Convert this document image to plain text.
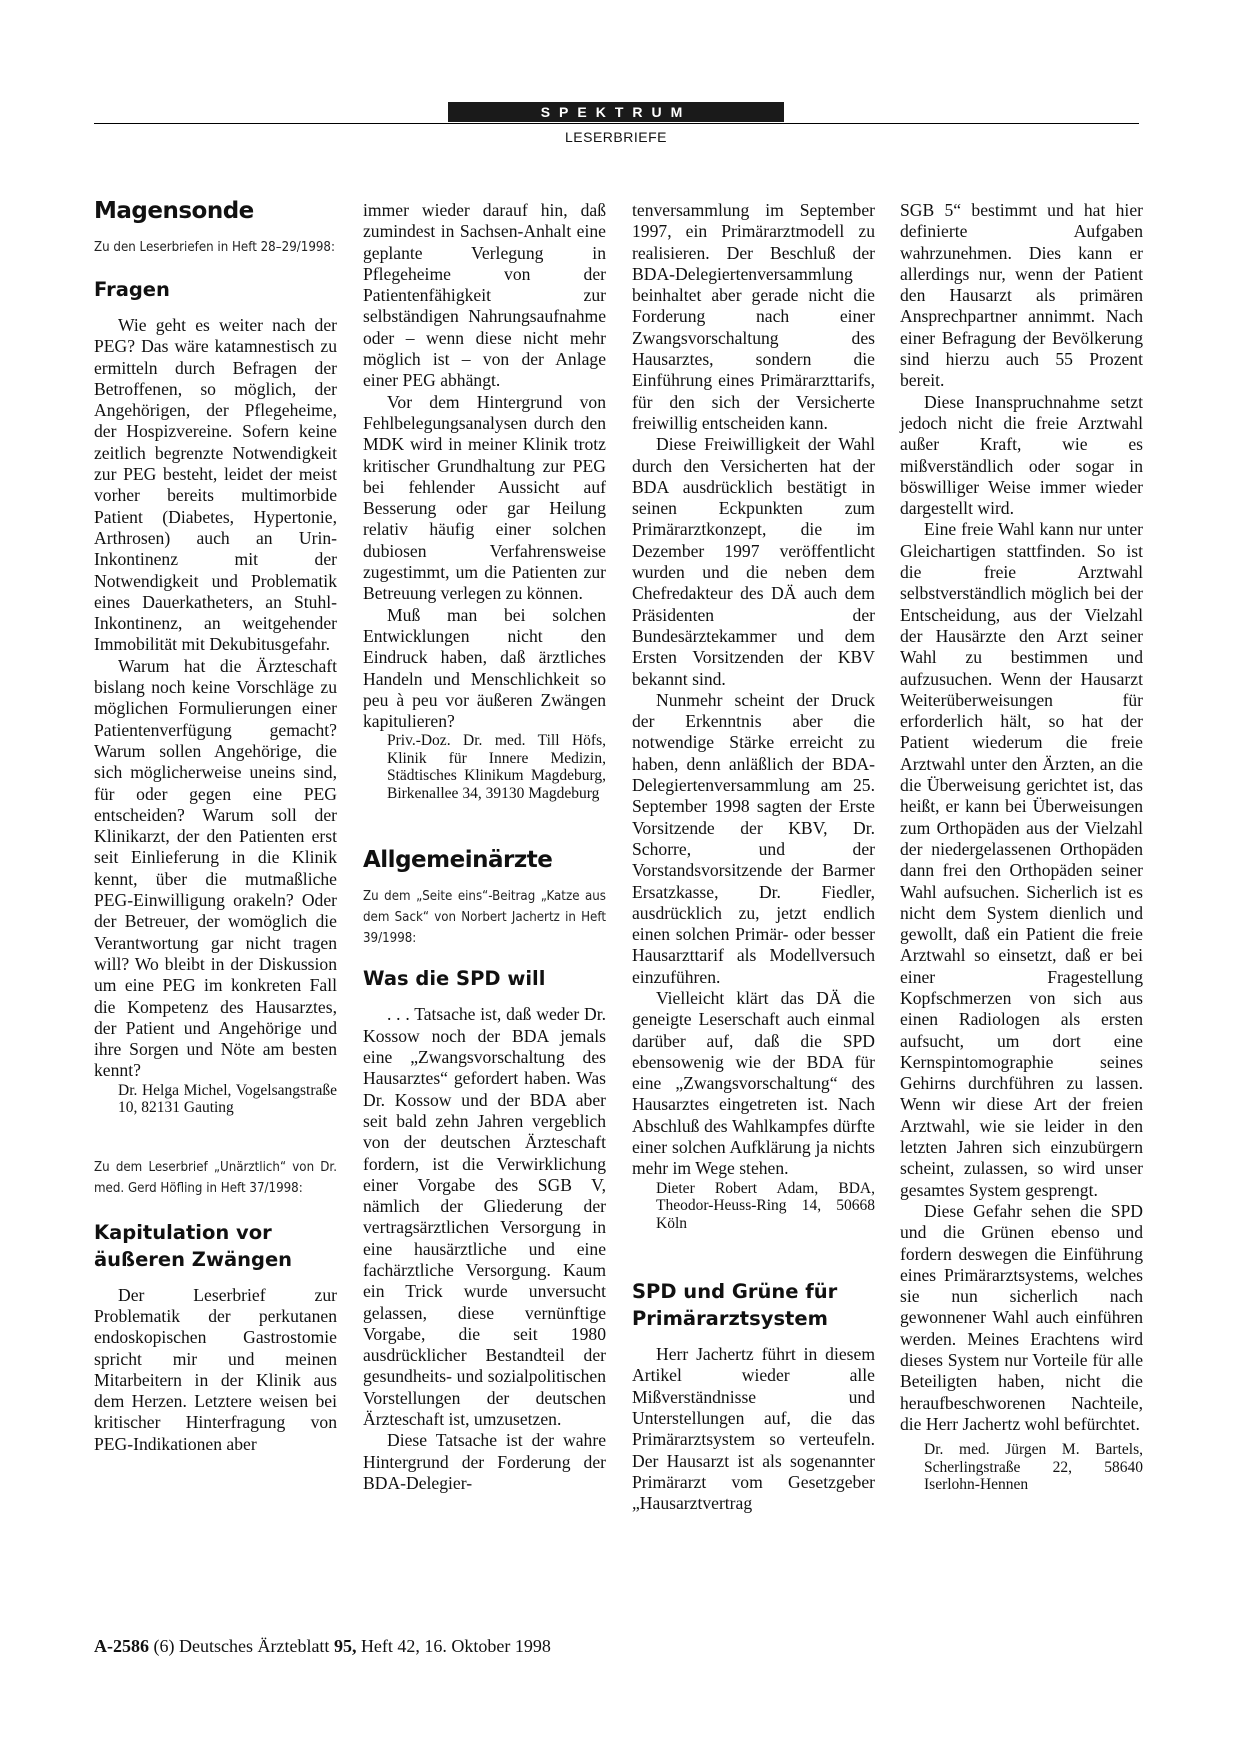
SPEKTRUM
LESERBRIEFE
Magensonde
Zu den Leserbriefen in Heft 28–29/1998:
Fragen

Wie geht es weiter nach der PEG? Das wäre katamnestisch zu ermitteln durch Befragen der Betroffenen, so möglich, der Angehörigen, der Pflegeheime, der Hospizvereine. Sofern keine zeitlich begrenzte Notwendigkeit zur PEG besteht, leidet der meist vorher bereits multimorbide Patient (Diabetes, Hypertonie, Arthrosen) auch an Urin-Inkontinenz mit der Notwendigkeit und Problematik eines Dauerkatheters, an Stuhl-Inkontinenz, an weitgehender Immobilität mit Dekubitusgefahr.

Warum hat die Ärzteschaft bislang noch keine Vorschläge zu möglichen Formulierungen einer Patientenverfügung gemacht? Warum sollen Angehörige, die sich möglicherweise uneins sind, für oder gegen eine PEG entscheiden? Warum soll der Klinikarzt, der den Patienten erst seit Einlieferung in die Klinik kennt, über die mutmaßliche PEG-Einwilligung orakeln? Oder der Betreuer, der womöglich die Verantwortung gar nicht tragen will? Wo bleibt in der Diskussion um eine PEG im konkreten Fall die Kompetenz des Hausarztes, der Patient und Angehörige und ihre Sorgen und Nöte am besten kennt?

Dr. Helga Michel, Vogelsangstraße 10, 82131 Gauting

Zu dem Leserbrief „Unärztlich“ von Dr. med. Gerd Höfling in Heft 37/1998:
Kapitulation vor äußeren Zwängen

Der Leserbrief zur Problematik der perkutanen endoskopischen Gastrostomie spricht mir und meinen Mitarbeitern in der Klinik aus dem Herzen. Letztere weisen bei kritischer Hinterfragung von PEG-Indikationen aber

immer wieder darauf hin, daß zumindest in Sachsen-Anhalt eine geplante Verlegung in Pflegeheime von der Patientenfähigkeit zur selbständigen Nahrungsaufnahme oder – wenn diese nicht mehr möglich ist – von der Anlage einer PEG abhängt.

Vor dem Hintergrund von Fehlbelegungsanalysen durch den MDK wird in meiner Klinik trotz kritischer Grundhaltung zur PEG bei fehlender Aussicht auf Besserung oder gar Heilung relativ häufig einer solchen dubiosen Verfahrensweise zugestimmt, um die Patienten zur Betreuung verlegen zu können.

Muß man bei solchen Entwicklungen nicht den Eindruck haben, daß ärztliches Handeln und Menschlichkeit so peu à peu vor äußeren Zwängen kapitulieren?

Priv.-Doz. Dr. med. Till Höfs, Klinik für Innere Medizin, Städtisches Klinikum Magdeburg, Birkenallee 34, 39130 Magdeburg

Allgemeinärzte
Zu dem „Seite eins“-Beitrag „Katze aus dem Sack“ von Norbert Jachertz in Heft 39/1998:
Was die SPD will

. . . Tatsache ist, daß weder Dr. Kossow noch der BDA jemals eine „Zwangsvorschaltung des Hausarztes“ gefordert haben. Was Dr. Kossow und der BDA aber seit bald zehn Jahren vergeblich von der deutschen Ärzteschaft fordern, ist die Verwirklichung einer Vorgabe des SGB V, nämlich der Gliederung der vertragsärztlichen Versorgung in eine hausärztliche und eine fachärztliche Versorgung. Kaum ein Trick wurde unversucht gelassen, diese vernünftige Vorgabe, die seit 1980 ausdrücklicher Bestandteil der gesundheits- und sozialpolitischen Vorstellungen der deutschen Ärzteschaft ist, umzusetzen.

Diese Tatsache ist der wahre Hintergrund der Forderung der BDA-Delegier-

tenversammlung im September 1997, ein Primärarztmodell zu realisieren. Der Beschluß der BDA-Delegiertenversammlung beinhaltet aber gerade nicht die Forderung nach einer Zwangsvorschaltung des Hausarztes, sondern die Einführung eines Primärarzttarifs, für den sich der Versicherte freiwillig entscheiden kann.

Diese Freiwilligkeit der Wahl durch den Versicherten hat der BDA ausdrücklich bestätigt in seinen Eckpunkten zum Primärarztkonzept, die im Dezember 1997 veröffentlicht wurden und die neben dem Chefredakteur des DÄ auch dem Präsidenten der Bundesärztekammer und dem Ersten Vorsitzenden der KBV bekannt sind.

Nunmehr scheint der Druck der Erkenntnis aber die notwendige Stärke erreicht zu haben, denn anläßlich der BDA-Delegiertenversammlung am 25. September 1998 sagten der Erste Vorsitzende der KBV, Dr. Schorre, und der Vorstandsvorsitzende der Barmer Ersatzkasse, Dr. Fiedler, ausdrücklich zu, jetzt endlich einen solchen Primär- oder besser Hausarzttarif als Modellversuch einzuführen.

Vielleicht klärt das DÄ die geneigte Leserschaft auch einmal darüber auf, daß die SPD ebensowenig wie der BDA für eine „Zwangsvorschaltung“ des Hausarztes eingetreten ist. Nach Abschluß des Wahlkampfes dürfte einer solchen Aufklärung ja nichts mehr im Wege stehen.

Dieter Robert Adam, BDA, Theodor-Heuss-Ring 14, 50668 Köln

SPD und Grüne für Primärarztsystem

Herr Jachertz führt in diesem Artikel wieder alle Mißverständnisse und Unterstellungen auf, die das Primärarztsystem so verteufeln. Der Hausarzt ist als sogenannter Primärarzt vom Gesetzgeber „Hausarztvertrag

SGB 5“ bestimmt und hat hier definierte Aufgaben wahrzunehmen. Dies kann er allerdings nur, wenn der Patient den Hausarzt als primären Ansprechpartner annimmt. Nach einer Befragung der Bevölkerung sind hierzu auch 55 Prozent bereit.

Diese Inanspruchnahme setzt jedoch nicht die freie Arztwahl außer Kraft, wie es mißverständlich oder sogar in böswilliger Weise immer wieder dargestellt wird.

Eine freie Wahl kann nur unter Gleichartigen stattfinden. So ist die freie Arztwahl selbstverständlich möglich bei der Entscheidung, aus der Vielzahl der Hausärzte den Arzt seiner Wahl zu bestimmen und aufzusuchen. Wenn der Hausarzt Weiterüberweisungen für erforderlich hält, so hat der Patient wiederum die freie Arztwahl unter den Ärzten, an die die Überweisung gerichtet ist, das heißt, er kann bei Überweisungen zum Orthopäden aus der Vielzahl der niedergelassenen Orthopäden dann frei den Orthopäden seiner Wahl aufsuchen. Sicherlich ist es nicht dem System dienlich und gewollt, daß ein Patient die freie Arztwahl so einsetzt, daß er bei einer Fragestellung Kopfschmerzen von sich aus einen Radiologen als ersten aufsucht, um dort eine Kernspintomographie seines Gehirns durchführen zu lassen. Wenn wir diese Art der freien Arztwahl, wie sie leider in den letzten Jahren sich einzubürgern scheint, zulassen, so wird unser gesamtes System gesprengt.

Diese Gefahr sehen die SPD und die Grünen ebenso und fordern deswegen die Einführung eines Primärarztsystems, welches sie nun sicherlich nach gewonnener Wahl auch einführen werden. Meines Erachtens wird dieses System nur Vorteile für alle Beteiligten haben, nicht die heraufbeschworenen Nachteile, die Herr Jachertz wohl befürchtet.

Dr. med. Jürgen M. Bartels, Scherlingstraße 22, 58640 Iserlohn-Hennen

A-2586 (6) Deutsches Ärzteblatt 95, Heft 42, 16. Oktober 1998
